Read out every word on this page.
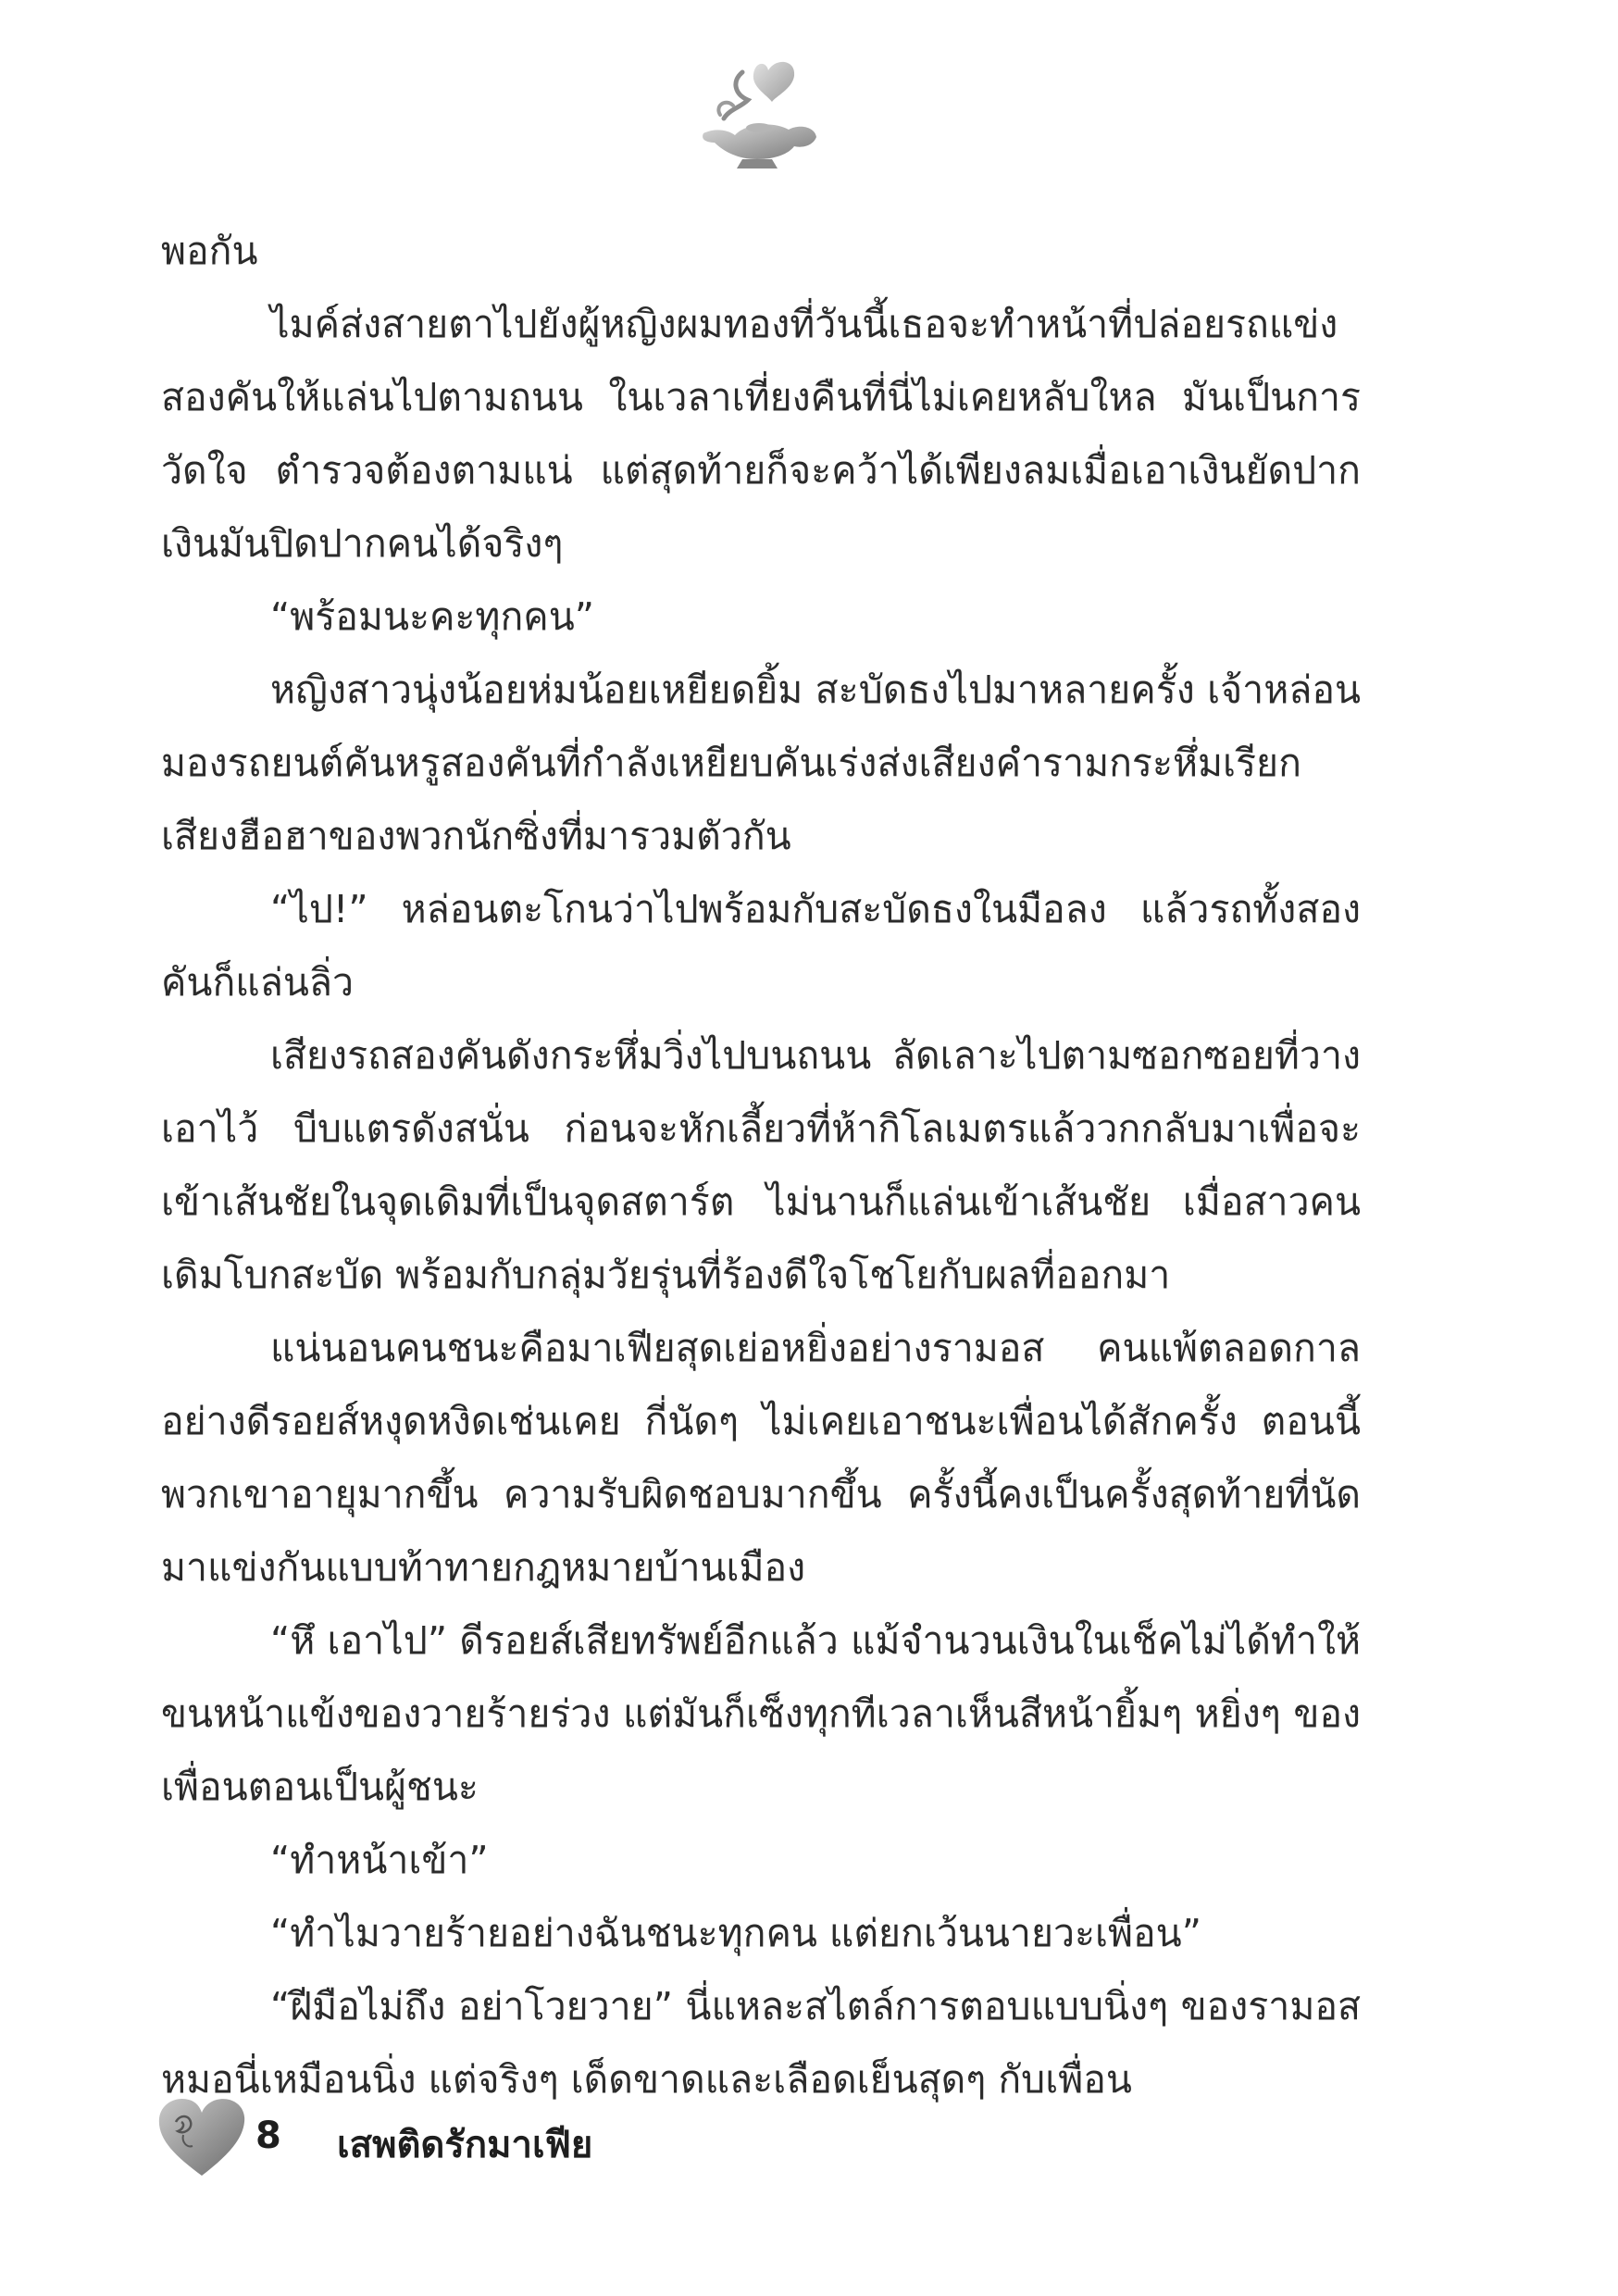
พอกัน

ไมค์ส่งสายตาไปยังผู้หญิงผมทองที่วันนี้เธอจะทำหน้าที่ปล่อยรถแข่งสองคันให้แล่นไปตามถนน ในเวลาเที่ยงคืนที่นี่ไม่เคยหลับใหล มันเป็นการวัดใจ ตำรวจต้องตามแน่ แต่สุดท้ายก็จะคว้าได้เพียงลมเมื่อเอาเงินยัดปาก เงินมันปิดปากคนได้จริงๆ

“พร้อมนะคะทุกคน”

หญิงสาวนุ่งน้อยห่มน้อยเหยียดยิ้ม สะบัดธงไปมาหลายครั้ง เจ้าหล่อนมองรถยนต์คันหรูสองคันที่กำลังเหยียบคันเร่งส่งเสียงคำรามกระหึ่มเรียกเสียงฮือฮาของพวกนักซิ่งที่มารวมตัวกัน

“ไป!” หล่อนตะโกนว่าไปพร้อมกับสะบัดธงในมือลง แล้วรถทั้งสองคันก็แล่นลิ่ว

เสียงรถสองคันดังกระหึ่มวิ่งไปบนถนน ลัดเลาะไปตามซอกซอยที่วางเอาไว้ บีบแตรดังสนั่น ก่อนจะหักเลี้ยวที่ห้ากิโลเมตรแล้ววกกลับมาเพื่อจะเข้าเส้นชัยในจุดเดิมที่เป็นจุดสตาร์ต ไม่นานก็แล่นเข้าเส้นชัย เมื่อสาวคนเดิมโบกสะบัด พร้อมกับกลุ่มวัยรุ่นที่ร้องดีใจโชโยกับผลที่ออกมา

แน่นอนคนชนะคือมาเฟียสุดเย่อหยิ่งอย่างรามอส คนแพ้ตลอดกาลอย่างดีรอยส์หงุดหงิดเช่นเคย กี่นัดๆ ไม่เคยเอาชนะเพื่อนได้สักครั้ง ตอนนี้พวกเขาอายุมากขึ้น ความรับผิดชอบมากขึ้น ครั้งนี้คงเป็นครั้งสุดท้ายที่นัดมาแข่งกันแบบท้าทายกฎหมายบ้านเมือง

“หึ เอาไป” ดีรอยส์เสียทรัพย์อีกแล้ว แม้จำนวนเงินในเช็คไม่ได้ทำให้ขนหน้าแข้งของวายร้ายร่วง แต่มันก็เซ็งทุกทีเวลาเห็นสีหน้ายิ้มๆ หยิ่งๆ ของเพื่อนตอนเป็นผู้ชนะ

“ทำหน้าเข้า”

“ทำไมวายร้ายอย่างฉันชนะทุกคน แต่ยกเว้นนายวะเพื่อน”

“ฝีมือไม่ถึง อย่าโวยวาย” นี่แหละสไตล์การตอบแบบนิ่งๆ ของรามอส หมอนี่เหมือนนิ่ง แต่จริงๆ เด็ดขาดและเลือดเย็นสุดๆ กับเพื่อน

8 เสพติดรักมาเฟีย
